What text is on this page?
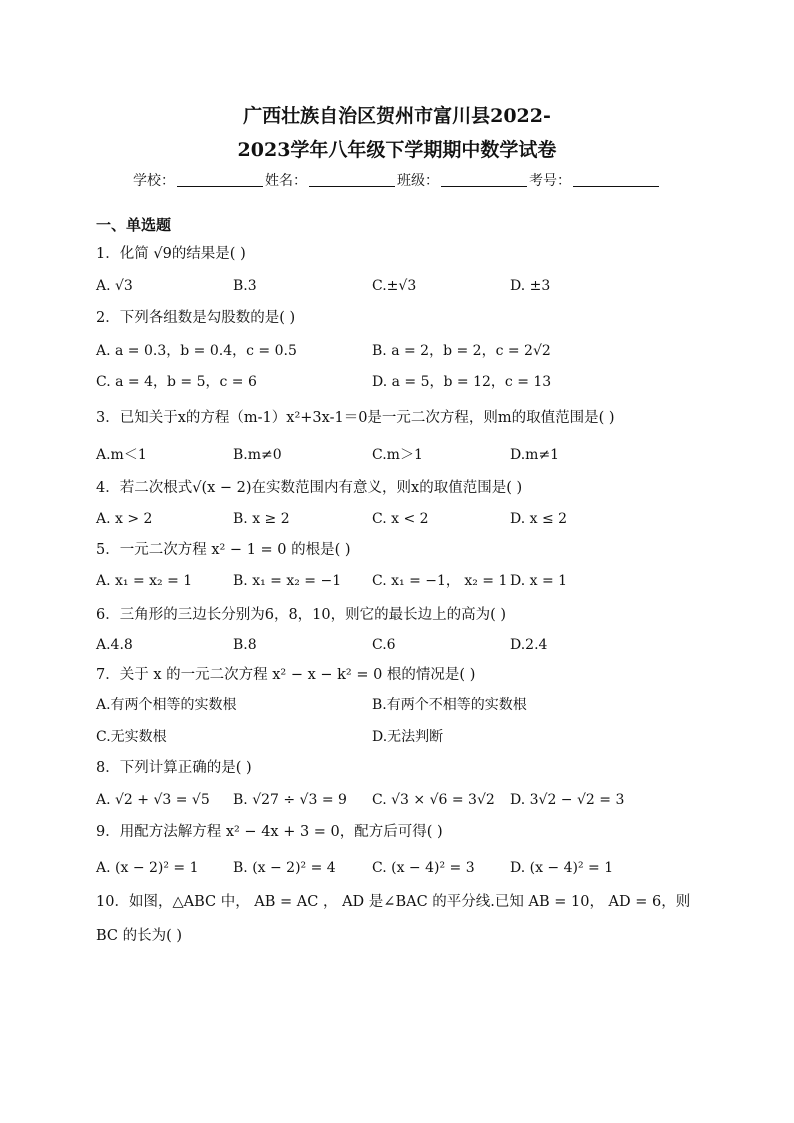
广西壮族自治区贺州市富川县2022-
2023学年八年级下学期期中数学试卷
学校：	姓名：	班级：	考号：
一、单选题
1．化简 √9的结果是( )
A. √3	B.3	C.±√3	D. ±3
2．下列各组数是勾股数的是( )
A. a = 0.3，b = 0.4，c = 0.5	B. a = 2，b = 2，c = 2√2
C. a = 4，b = 5，c = 6	D. a = 5，b = 12，c = 13
3．已知关于x的方程（m-1）x²+3x-1＝0是一元二次方程，则m的取值范围是( )
A.m＜1	B.m≠0	C.m＞1	D.m≠1
4．若二次根式√(x − 2)在实数范围内有意义，则x的取值范围是( )
A. x > 2	B. x ≥ 2	C. x < 2	D. x ≤ 2
5．一元二次方程 x² − 1 = 0 的根是( )
A. x₁ = x₂ = 1	B. x₁ = x₂ = −1 C. x₁ = −1， x₂ = 1 D. x = 1
6．三角形的三边长分别为6，8，10，则它的最长边上的高为( )
A.4.8	B.8	C.6	D.2.4
7．关于 x 的一元二次方程 x² − x − k² = 0 根的情况是( )
A.有两个相等的实数根	B.有两个不相等的实数根
C.无实数根	D.无法判断
8．下列计算正确的是( )
A. √2 + √3 = √5 B. √27 ÷ √3 = 9 C. √3 × √6 = 3√2 D. 3√2 − √2 = 3
9．用配方法解方程 x² − 4x + 3 = 0，配方后可得( )
A. (x − 2)² = 1 B. (x − 2)² = 4	C. (x − 4)² = 3	D. (x − 4)² = 1
10．如图，△ABC 中， AB = AC ， AD 是∠BAC 的平分线.已知 AB = 10， AD = 6，则
BC 的长为( )
